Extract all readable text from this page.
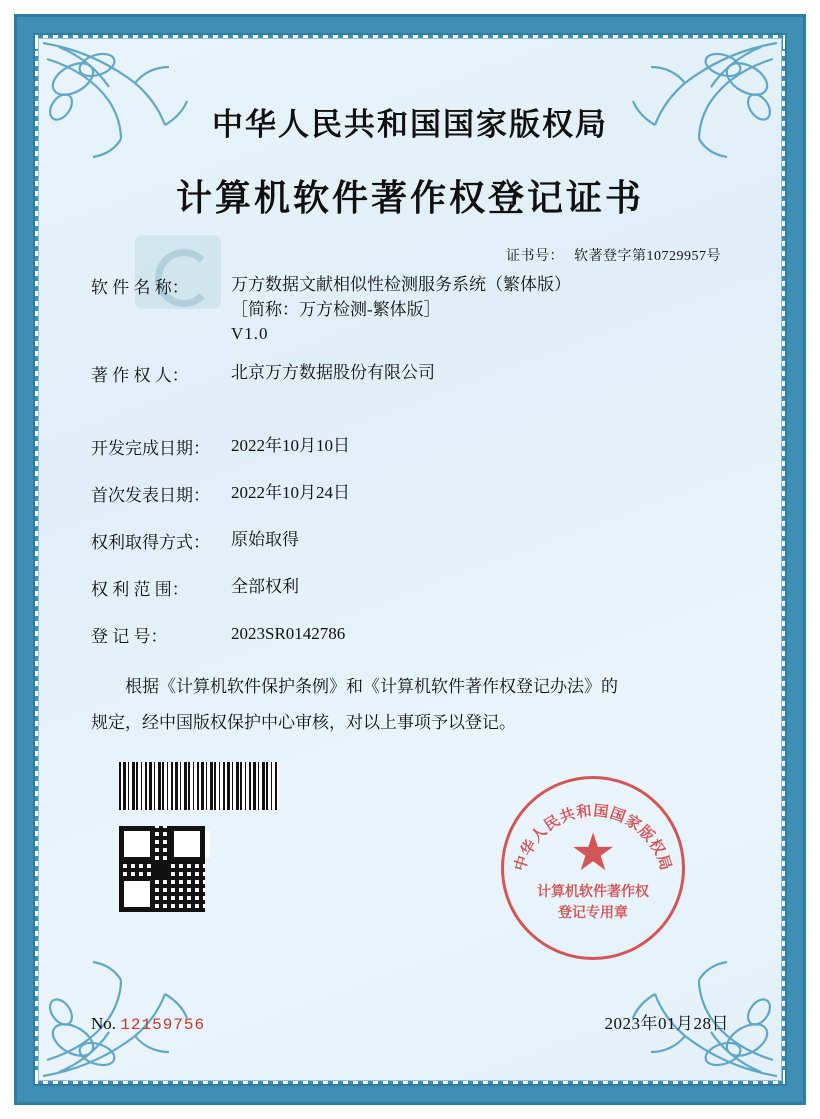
中华人民共和国国家版权局
计算机软件著作权登记证书
证书号： 软著登字第10729957号
软 件 名 称：	万方数据文献相似性检测服务系统（繁体版）
［简称：万方检测-繁体版］
V1.0
著 作 权 人：	北京万方数据股份有限公司
开发完成日期：	2022年10月10日
首次发表日期：	2022年10月24日
权利取得方式：	原始取得
权 利 范 围：	全部权利
登 记 号：	2023SR0142786
根据《计算机软件保护条例》和《计算机软件著作权登记办法》的
规定，经中国版权保护中心审核，对以上事项予以登记。
中华人民共和国国家版权局
★
计算机软件著作权
登记专用章
No. 12159756	2023年01月28日
